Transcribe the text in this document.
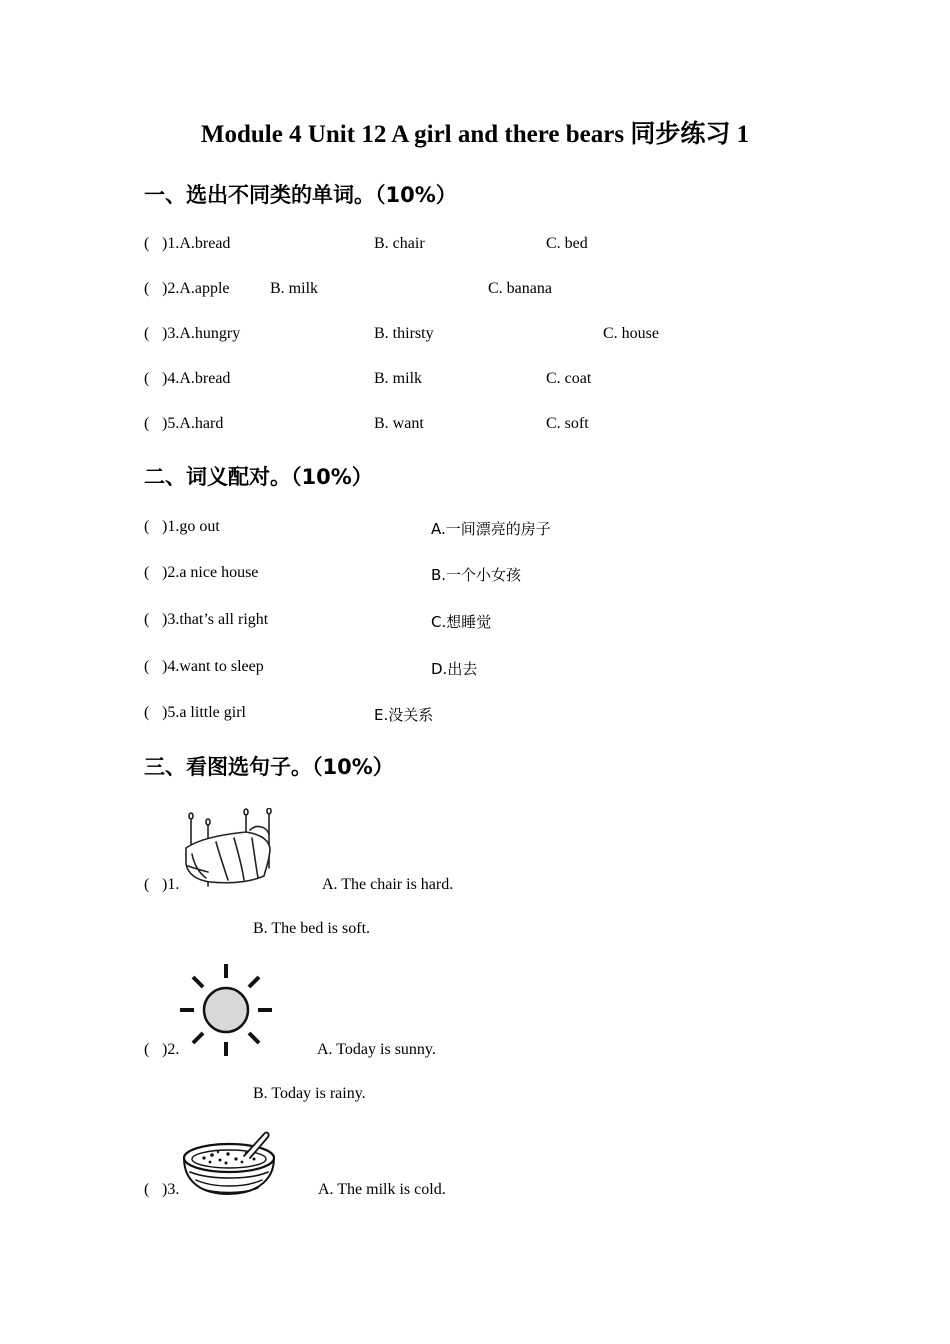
Module 4 Unit 12 A girl and there bears 同步练习 1
一、选出不同类的单词。（10%）
( )1.A.bread	B. chair	C. bed
( )2.A.apple	B. milk	C. banana
( )3.A.hungry	B. thirsty	C. house
( )4.A.bread	B. milk	C. coat
( )5.A.hard	B. want	C. soft
二、词义配对。（10%）
( )1.go out	A.一间漂亮的房子
( )2.a nice house	B.一个小女孩
( )3.that’s all right	C.想睡觉
( )4.want to sleep	D.出去
( )5.a little girl	E.没关系
三、看图选句子。（10%）
( )1.	A. The chair is hard.
B. The bed is soft.
( )2.	A. Today is sunny.
B. Today is rainy.
( )3.	A. The milk is cold.
